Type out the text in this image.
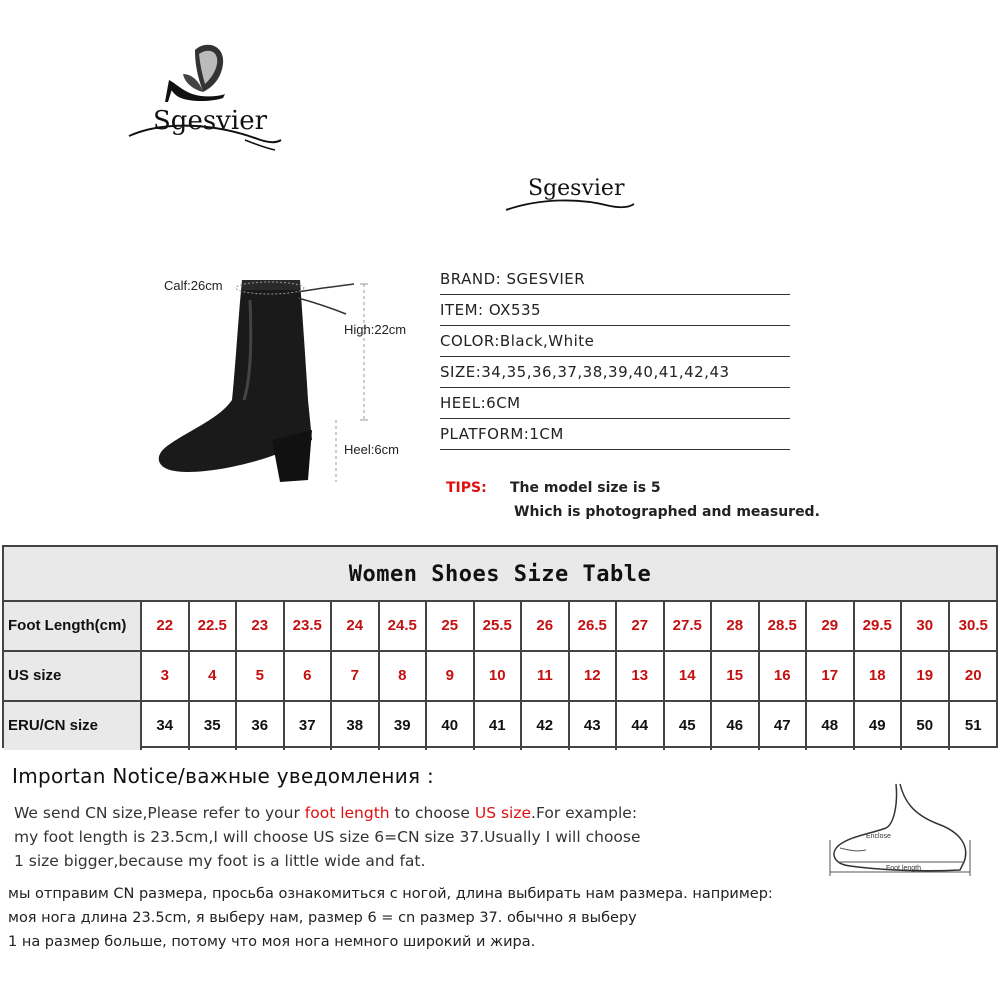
Sgesvier
Sgesvier
Calf:26cm
High:22cm
Heel:6cm
BRAND: SGESVIER
ITEM: OX535
COLOR:Black,White
SIZE:34,35,36,37,38,39,40,41,42,43
HEEL:6CM
PLATFORM:1CM
TIPS: The model size is 5
Which is photographed and measured.
Women Shoes Size Table
Foot Length(cm)	22	22.5	23	23.5	24	24.5	25	25.5	26	26.5	27	27.5	28	28.5	29	29.5	30	30.5
US size	3	4	5	6	7	8	9	10	11	12	13	14	15	16	17	18	19	20
ERU/CN size	34	35	36	37	38	39	40	41	42	43	44	45	46	47	48	49	50	51
Importan Notice/важные уведомления :
We send CN size,Please refer to your foot length to choose US size.For example:
my foot length is 23.5cm,I will choose US size 6=CN size 37.Usually I will choose
1 size bigger,because my foot is a little wide and fat.
мы отправим CN размера, просьба ознакомиться с ногой, длина выбирать нам размера. например:
моя нога длина 23.5cm, я выберу нам, размер 6 = cn размер 37. обычно я выберу
1 на размер больше, потому что моя нога немного широкий и жира.
Enclose
Foot length
